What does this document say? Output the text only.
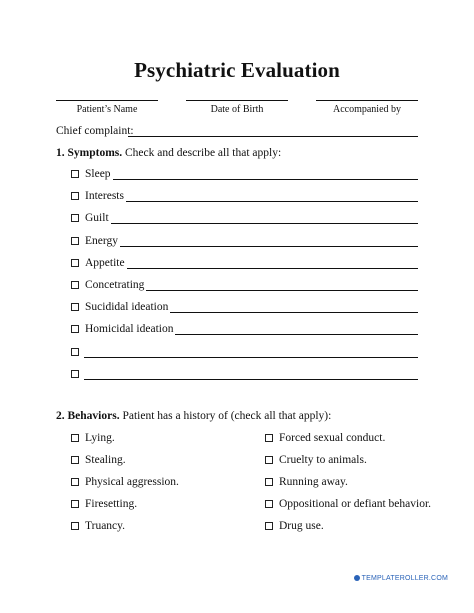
Psychiatric Evaluation
Patient’s Name	Date of Birth	Accompanied by
Chief complaint:
1. Symptoms. Check and describe all that apply:
Sleep
Interests
Guilt
Energy
Appetite
Concetrating
Sucididal ideation
Homicidal ideation
2. Behaviors. Patient has a history of (check all that apply):
Lying.
Stealing.
Physical aggression.
Firesetting.
Truancy.
Forced sexual conduct.
Cruelty to animals.
Running away.
Oppositional or defiant behavior.
Drug use.
TEMPLATEROLLER.COM
